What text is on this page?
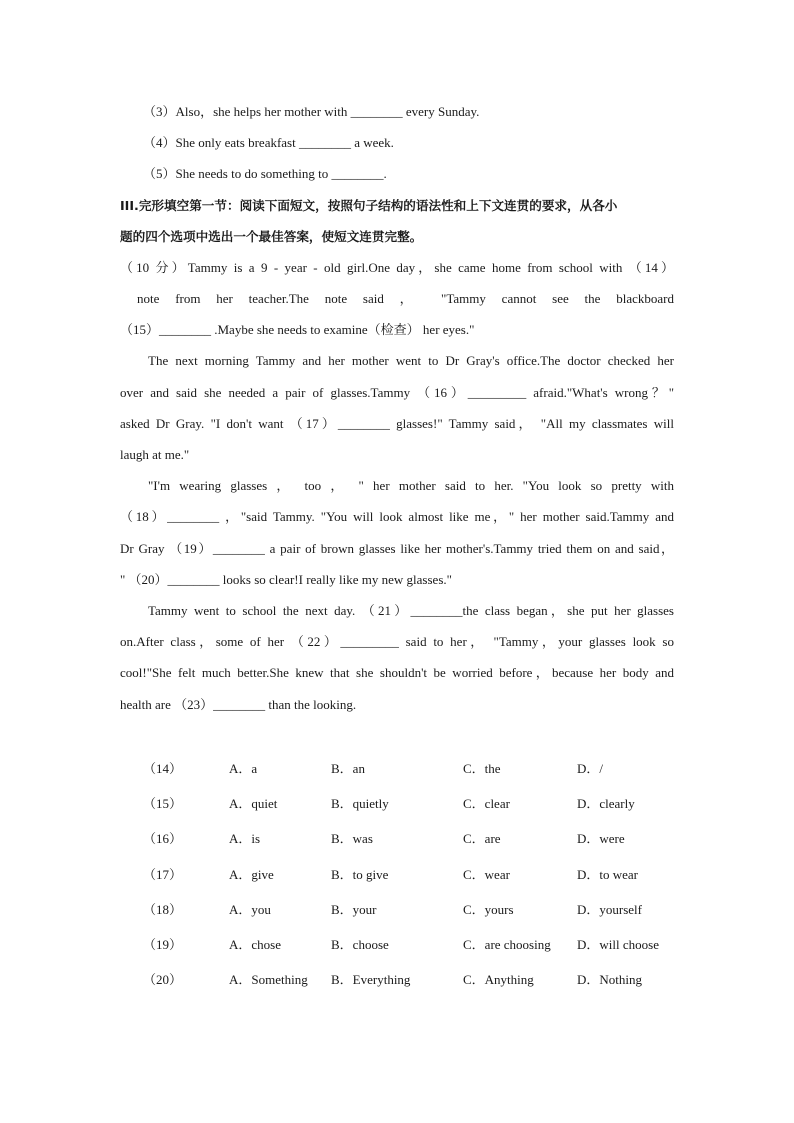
（3）Also，she helps her mother with ________ every Sunday.
（4）She only eats breakfast ________ a week.
（5）She needs to do something to ________.
III.完形填空第一节：阅读下面短文，按照句子结构的语法性和上下文连贯的要求，从各小
题的四个选项中选出一个最佳答案，使短文连贯完整。
（10 分）Tammy is a 9 - year - old girl.One day，she came home from school with （14）
note from her teacher.The note said ， "Tammy cannot see the blackboard
（15）________ .Maybe she needs to examine（检查） her eyes."
The next morning Tammy and her mother went to Dr Gray's office.The doctor checked her
over and said she needed a pair of glasses.Tammy （16）_________ afraid."What's wrong？"
asked Dr Gray. "I don't want （17）________ glasses!" Tammy said， "All my classmates will
laugh at me."
"I'm wearing glasses ， too ， " her mother said to her. "You look so pretty with
（18）________ ，"said Tammy. "You will look almost like me，" her mother said.Tammy and
Dr Gray （19）________ a pair of brown glasses like her mother's.Tammy tried them on and said，
" （20）________ looks so clear!I really like my new glasses."
Tammy went to school the next day. （21）________the class began，she put her glasses
on.After class，some of her （22）_________ said to her， "Tammy，your glasses look so
cool!"She felt much better.She knew that she shouldn't be worried before，because her body and
health are （23）________ than the looking.
（14）	A．a	B．an	C．the	D．/
（15）	A．quiet	B．quietly	C．clear	D．clearly
（16）	A．is	B．was	C．are	D．were
（17）	A．give	B．to give	C．wear	D．to wear
（18）	A．you	B．your	C．yours	D．yourself
（19）	A．chose	B．choose	C．are choosing D．will choose
（20）	A．Something B．Everything	C．Anything	D．Nothing
